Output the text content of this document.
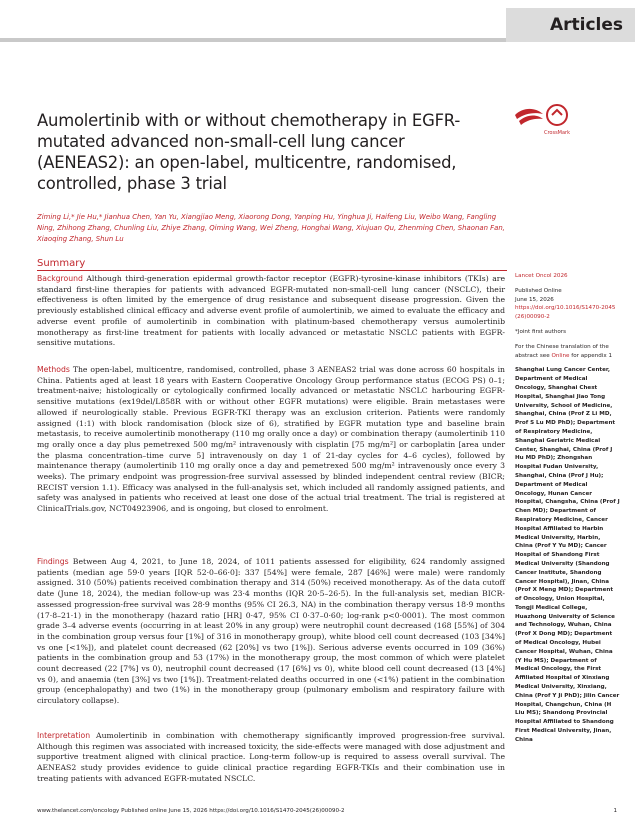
Articles
CrossMark
Aumolertinib with or without chemotherapy in EGFR-mutated advanced non-small-cell lung cancer (AENEAS2): an open-label, multicentre, randomised, controlled, phase 3 trial

Ziming Li,* Jie Hu,* Jianhua Chen, Yan Yu, Xiangjiao Meng, Xiaorong Dong, Yanping Hu, Yinghua Ji, Haifeng Liu, Weibo Wang, Fangling Ning, Zhihong Zhang, Chunling Liu, Zhiye Zhang, Qiming Wang, Wei Zheng, Honghai Wang, Xiujuan Qu, Zhenming Chen, Shaonan Fan, Xiaoqing Zhang, Shun Lu

Summary

Background Although third-generation epidermal growth-factor receptor (EGFR)-tyrosine-kinase inhibitors (TKIs) are standard first-line therapies for patients with advanced EGFR-mutated non-small-cell lung cancer (NSCLC), their effectiveness is often limited by the emergence of drug resistance and subsequent disease progression. Given the previously established clinical efficacy and adverse event profile of aumolertinib, we aimed to evaluate the efficacy and adverse event profile of aumolertinib in combination with platinum-based chemotherapy versus aumolertinib monotherapy as first-line treatment for patients with locally advanced or metastatic NSCLC patients with EGFR-sensitive mutations.

Methods The open-label, multicentre, randomised, controlled, phase 3 AENEAS2 trial was done across 60 hospitals in China. Patients aged at least 18 years with Eastern Cooperative Oncology Group performance status (ECOG PS) 0–1; treatment-naive; histologically or cytologically confirmed locally advanced or metastatic NSCLC harbouring EGFR-sensitive mutations (ex19del/L858R with or without other EGFR mutations) were eligible. Brain metastases were allowed if neurologically stable. Previous EGFR-TKI therapy was an exclusion criterion. Patients were randomly assigned (1:1) with block randomisation (block size of 6), stratified by EGFR mutation type and baseline brain metastasis, to receive aumolertinib monotherapy (110 mg orally once a day) or combination therapy (aumolertinib 110 mg orally once a day plus pemetrexed 500 mg/m² intravenously with cisplatin [75 mg/m²] or carboplatin [area under the plasma concentration–time curve 5] intravenously on day 1 of 21-day cycles for 4–6 cycles), followed by maintenance therapy (aumolertinib 110 mg orally once a day and pemetrexed 500 mg/m² intravenously once every 3 weeks). The primary endpoint was progression-free survival assessed by blinded independent central review (BICR; RECIST version 1.1). Efficacy was analysed in the full-analysis set, which included all randomly assigned patients, and safety was analysed in patients who received at least one dose of the actual trial treatment. The trial is registered at ClinicalTrials.gov, NCT04923906, and is ongoing, but closed to enrolment.

Findings Between Aug 4, 2021, to June 18, 2024, of 1011 patients assessed for eligibility, 624 randomly assigned patients (median age 59·0 years [IQR 52·0–66·0]: 337 [54%] were female, 287 [46%] were male) were randomly assigned. 310 (50%) patients received combination therapy and 314 (50%) received monotherapy. As of the data cutoff date (June 18, 2024), the median follow-up was 23·4 months (IQR 20·5–26·5). In the full-analysis set, median BICR-assessed progression-free survival was 28·9 months (95% CI 26.3, NA) in the combination therapy versus 18·9 months (17·8–21·1) in the monotherapy (hazard ratio [HR] 0·47, 95% CI 0·37–0·60; log-rank p<0·0001). The most common grade 3–4 adverse events (occurring in at least 20% in any group) were neutrophil count decreased (168 [55%] of 304 in the combination group versus four [1%] of 316 in monotherapy group), white blood cell count decreased (103 [34%] vs one [<1%]), and platelet count decreased (62 [20%] vs two [1%]). Serious adverse events occurred in 109 (36%) patients in the combination group and 53 (17%) in the monotherapy group, the most common of which were platelet count decreased (22 [7%] vs 0), neutrophil count decreased (17 [6%] vs 0), white blood cell count decreased (13 [4%] vs 0), and anaemia (ten [3%] vs two [1%]). Treatment-related deaths occurred in one (<1%) patient in the combination group (encephalopathy) and two (1%) in the monotherapy group (pulmonary embolism and respiratory failure with circulatory collapse).

Interpretation Aumolertinib in combination with chemotherapy significantly improved progression-free survival. Although this regimen was associated with increased toxicity, the side-effects were managed with dose adjustment and supportive treatment aligned with clinical practice. Long-term follow-up is required to assess overall survival. The AENEAS2 study provides evidence to guide clinical practice regarding EGFR-TKIs and their combination use in treating patients with advanced EGFR-mutated NSCLC.

Lancet Oncol 2026
Published Online
June 15, 2026
https://doi.org/10.1016/S1470-2045(26)00090-2
*Joint first authors
For the Chinese translation of the abstract see Online for appendix 1
Shanghai Lung Cancer Center, Department of Medical Oncology, Shanghai Chest Hospital, Shanghai Jiao Tong University, School of Medicine, Shanghai, China (Prof Z Li MD, Prof S Lu MD PhD); Department of Respiratory Medicine, Shanghai Geriatric Medical Center, Shanghai, China (Prof J Hu MD PhD); Zhongshan Hospital Fudan University, Shanghai, China (Prof J Hu); Department of Medical Oncology, Hunan Cancer Hospital, Changsha, China (Prof J Chen MD); Department of Respiratory Medicine, Cancer Hospital Affiliated to Harbin Medical University, Harbin, China (Prof Y Yu MD); Cancer Hospital of Shandong First Medical University (Shandong Cancer Institute, Shandong Cancer Hospital), Jinan, China (Prof X Meng MD); Department of Oncology, Union Hospital, Tongji Medical College, Huazhong University of Science and Technology, Wuhan, China (Prof X Dong MD); Department of Medical Oncology, Hubei Cancer Hospital, Wuhan, China (Y Hu MS); Department of Medical Oncology, the First Affiliated Hospital of Xinxiang Medical University, Xinxiang, China (Prof Y Ji PhD); Jilin Cancer Hospital, Changchun, China (H Liu MS); Shandong Provincial Hospital Affiliated to Shandong First Medical University, Jinan, China
www.thelancet.com/oncology Published online June 15, 2026 https://doi.org/10.1016/S1470-2045(26)00090-2	1
